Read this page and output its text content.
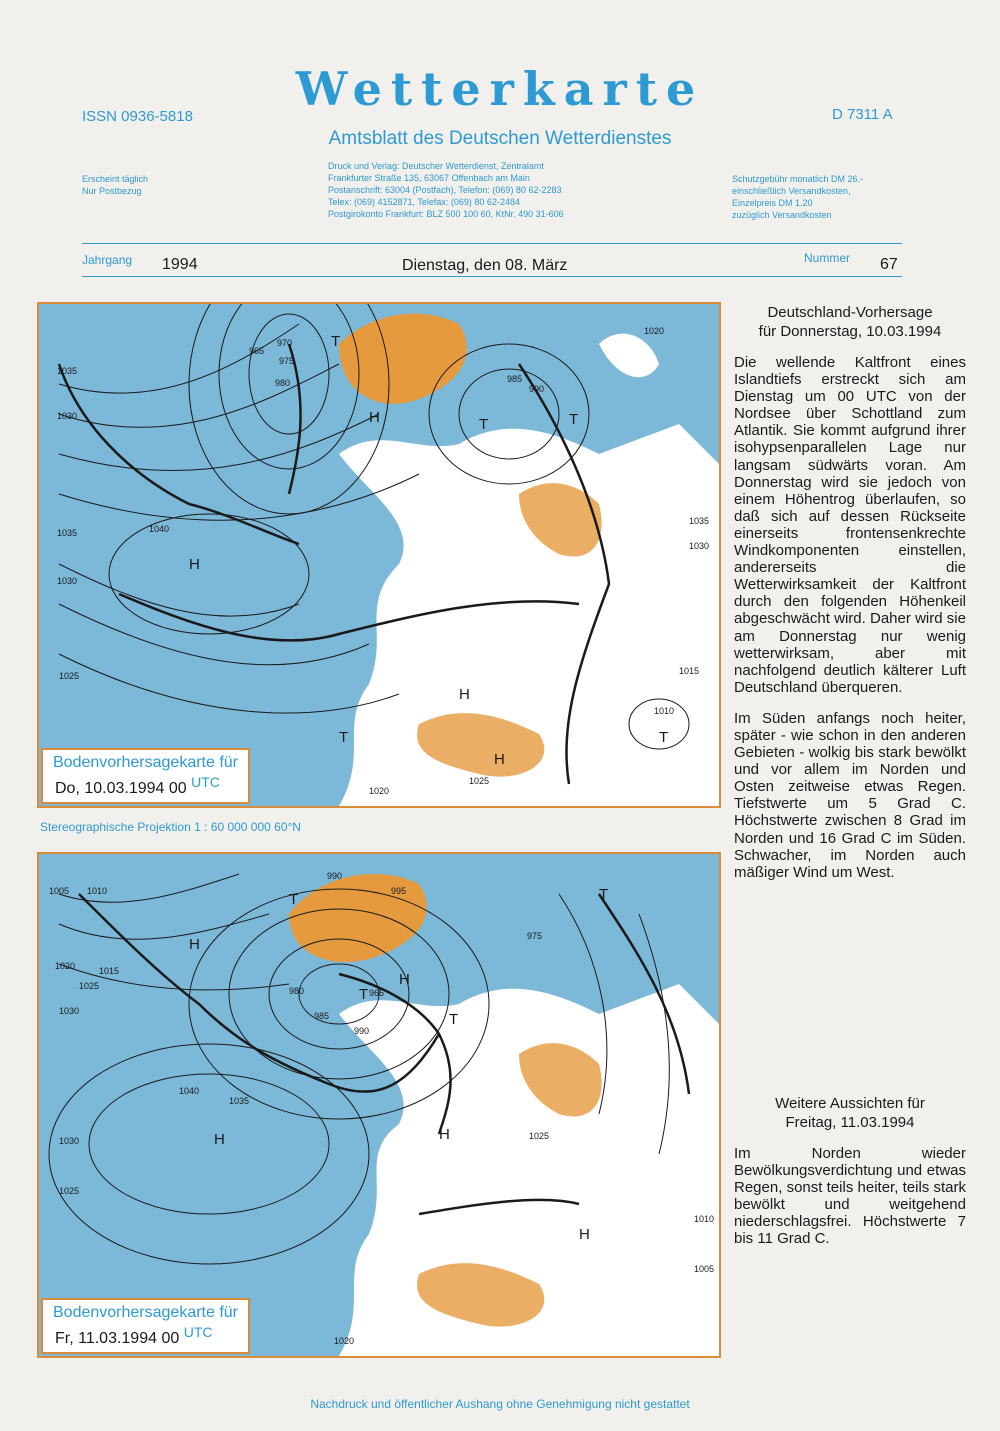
ISSN 0936-5818
Wetterkarte	D 7311 A
Amtsblatt des Deutschen Wetterdienstes
Erscheint täglich
Nur Postbezug
Druck und Verlag: Deutscher Wetterdienst, Zentralamt
Frankfurter Straße 135, 63067 Offenbach am Main
Postanschrift: 63004 (Postfach), Telefon: (069) 80 62-2283
Telex: (069) 4152871, Telefax: (069) 80 62-2484
Postgirokonto Frankfurt: BLZ 500 100 60, KtNr. 490 31-606
Schutzgebühr monatlich DM 26.-
einschließlich Versandkosten,
Einzelpreis DM 1.20
zuzüglich Versandkosten
Jahrgang 1994	Dienstag, den 08. März	Nummer 67
H
H
H
H
T
T	T
T	T
1035
1030
1040
1035
1030
1025
980
975
970
965
985
990
1020
1010
1015
1025
1020
1035
1030
Bodenvorhersagekarte für
Do, 10.03.1994 00 UTC
Stereographische Projektion 1 : 60 000 000 60°N
H
H
H
H
H
T
T
T
T
990
995
1005 1010
1015
1020
1025
1030
1040
1035
1030
1025
975
980
985
990
965
1025
1020
1010
1005
Bodenvorhersagekarte für
Fr, 11.03.1994 00 UTC
Deutschland-Vorhersage
für Donnerstag, 10.03.1994
Die wellende Kaltfront eines Islandtiefs erstreckt sich am Dienstag um 00 UTC von der Nordsee über Schottland zum Atlantik. Sie kommt aufgrund ihrer isohypsenparallelen Lage nur langsam südwärts voran. Am Donnerstag wird sie jedoch von einem Höhentrog überlaufen, so daß sich auf dessen Rückseite einerseits frontensenkrechte Windkomponenten einstellen, andererseits die Wetterwirksamkeit der Kaltfront durch den folgenden Höhenkeil abgeschwächt wird. Daher wird sie am Donnerstag nur wenig wetterwirksam, aber mit nachfolgend deutlich kälterer Luft Deutschland überqueren.
Im Süden anfangs noch heiter, später - wie schon in den anderen Gebieten - wolkig bis stark bewölkt und vor allem im Norden und Osten zeitweise etwas Regen. Tiefstwerte um 5 Grad C. Höchstwerte zwischen 8 Grad im Norden und 16 Grad C im Süden. Schwacher, im Norden auch mäßiger Wind um West.
Weitere Aussichten für
Freitag, 11.03.1994
Im Norden wieder Bewölkungsverdichtung und etwas Regen, sonst teils heiter, teils stark bewölkt und weitgehend niederschlagsfrei. Höchstwerte 7 bis 11 Grad C.
Nachdruck und öffentlicher Aushang ohne Genehmigung nicht gestattet
